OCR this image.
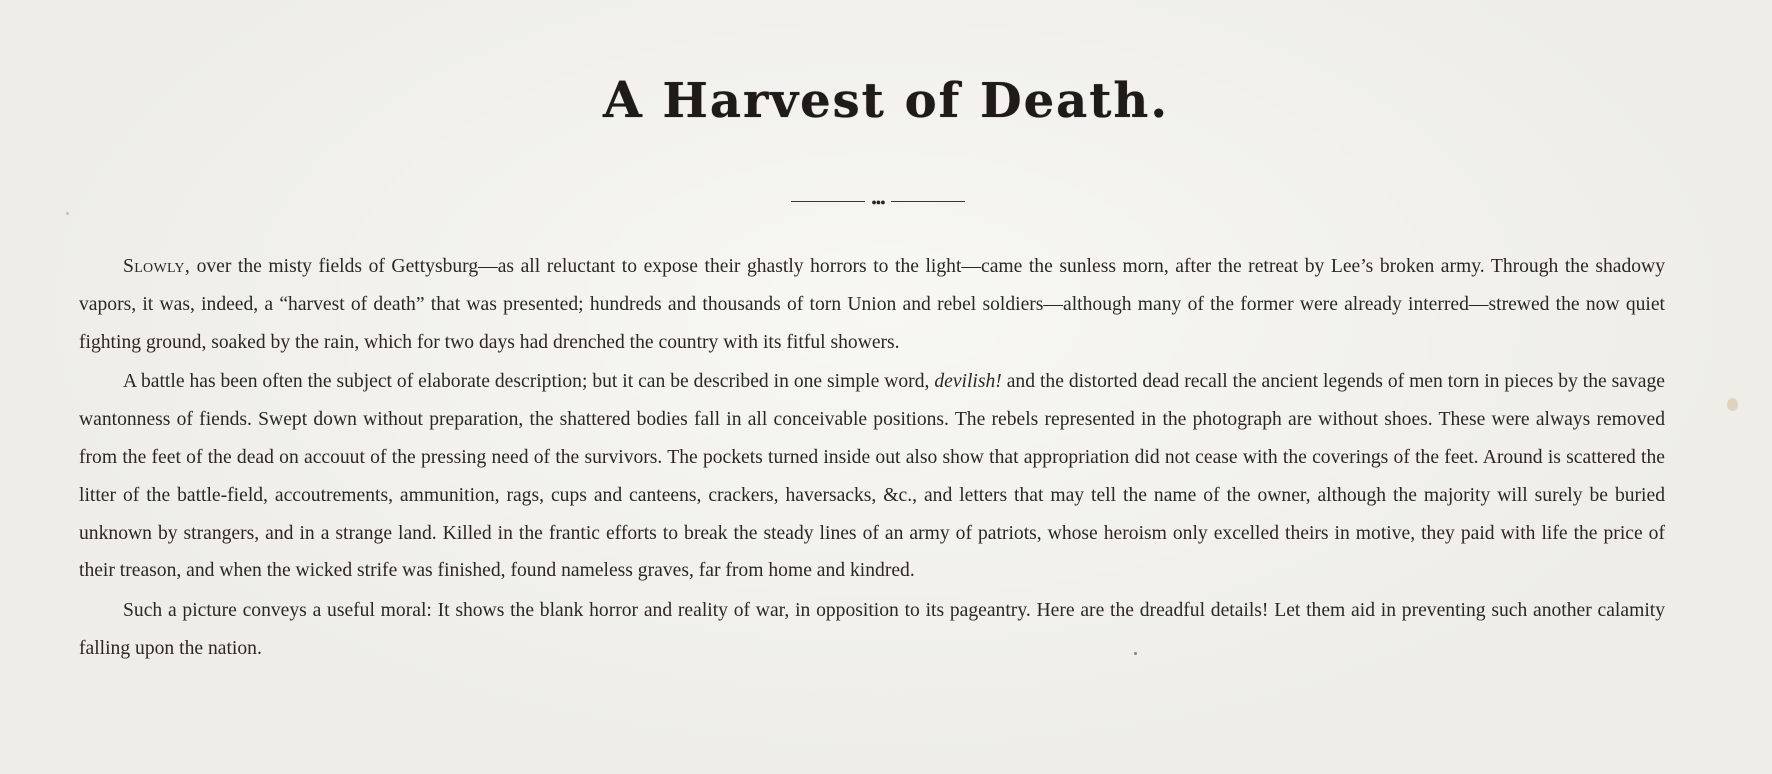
A Harvest of Death.
●●●

Slowly, over the misty fields of Gettysburg—as all reluctant to expose their ghastly horrors to the light—came the sunless morn, after the retreat by Lee’s broken army. Through the shadowy vapors, it was, indeed, a “harvest of death” that was presented; hundreds and thousands of torn Union and rebel soldiers—although many of the former were already interred—strewed the now quiet fighting ground, soaked by the rain, which for two days had drenched the country with its fitful showers.

A battle has been often the subject of elaborate description; but it can be described in one simple word, devilish! and the distorted dead recall the ancient legends of men torn in pieces by the savage wantonness of fiends. Swept down without preparation, the shattered bodies fall in all conceivable positions. The rebels represented in the photograph are without shoes. These were always removed from the feet of the dead on accouut of the pressing need of the survivors. The pockets turned inside out also show that appropriation did not cease with the coverings of the feet. Around is scattered the litter of the battle-field, accoutrements, ammunition, rags, cups and canteens, crackers, haversacks, &c., and letters that may tell the name of the owner, although the majority will surely be buried unknown by strangers, and in a strange land. Killed in the frantic efforts to break the steady lines of an army of patriots, whose heroism only excelled theirs in motive, they paid with life the price of their treason, and when the wicked strife was finished, found nameless graves, far from home and kindred.

Such a picture conveys a useful moral: It shows the blank horror and reality of war, in opposition to its pageantry. Here are the dreadful details! Let them aid in preventing such another calamity falling upon the nation.
